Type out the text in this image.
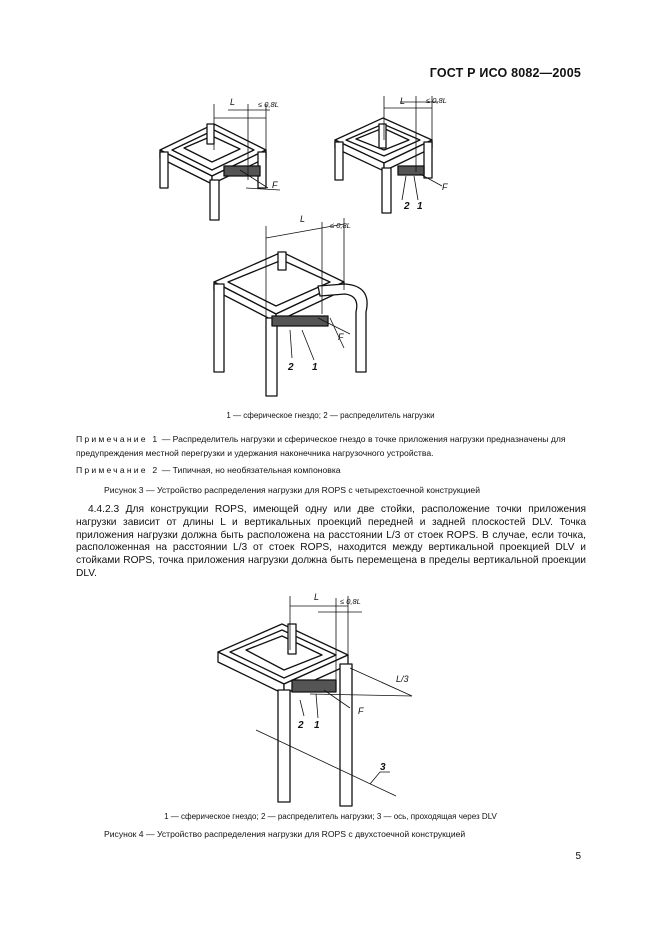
ГОСТ Р ИСО 8082—2005
L	≤ 0,8L
F
L	≤ 0,8L
F
2 1
L
≤ 0,8L
F
2 1
1 — сферическое гнездо; 2 — распределитель нагрузки
Примечание 1 — Распределитель нагрузки и сферическое гнездо в точке приложения нагрузки предназначены для предупреждения местной перегрузки и удержания наконечника нагрузочного устройства.
Примечание 2 — Типичная, но необязательная компоновка
Рисунок 3 — Устройство распределения нагрузки для ROPS с четырехстоечной конструкцией
4.4.2.3 Для конструкции ROPS, имеющей одну или две стойки, расположение точки приложения нагрузки зависит от длины L и вертикальных проекций передней и задней плоскостей DLV. Точка приложения нагрузки должна быть расположена на расстоянии L/3 от стоек ROPS. В случае, если точка, расположенная на расстоянии L/3 от стоек ROPS, находится между вертикальной проекцией DLV и стойками ROPS, точка приложения нагрузки должна быть перемещена в пределы вертикальной проекции DLV.
L	≤ 0,8L
L/3
F
2 1
3
1 — сферическое гнездо; 2 — распределитель нагрузки; 3 — ось, проходящая через DLV
Рисунок 4 — Устройство распределения нагрузки для ROPS с двухстоечной конструкцией
5
